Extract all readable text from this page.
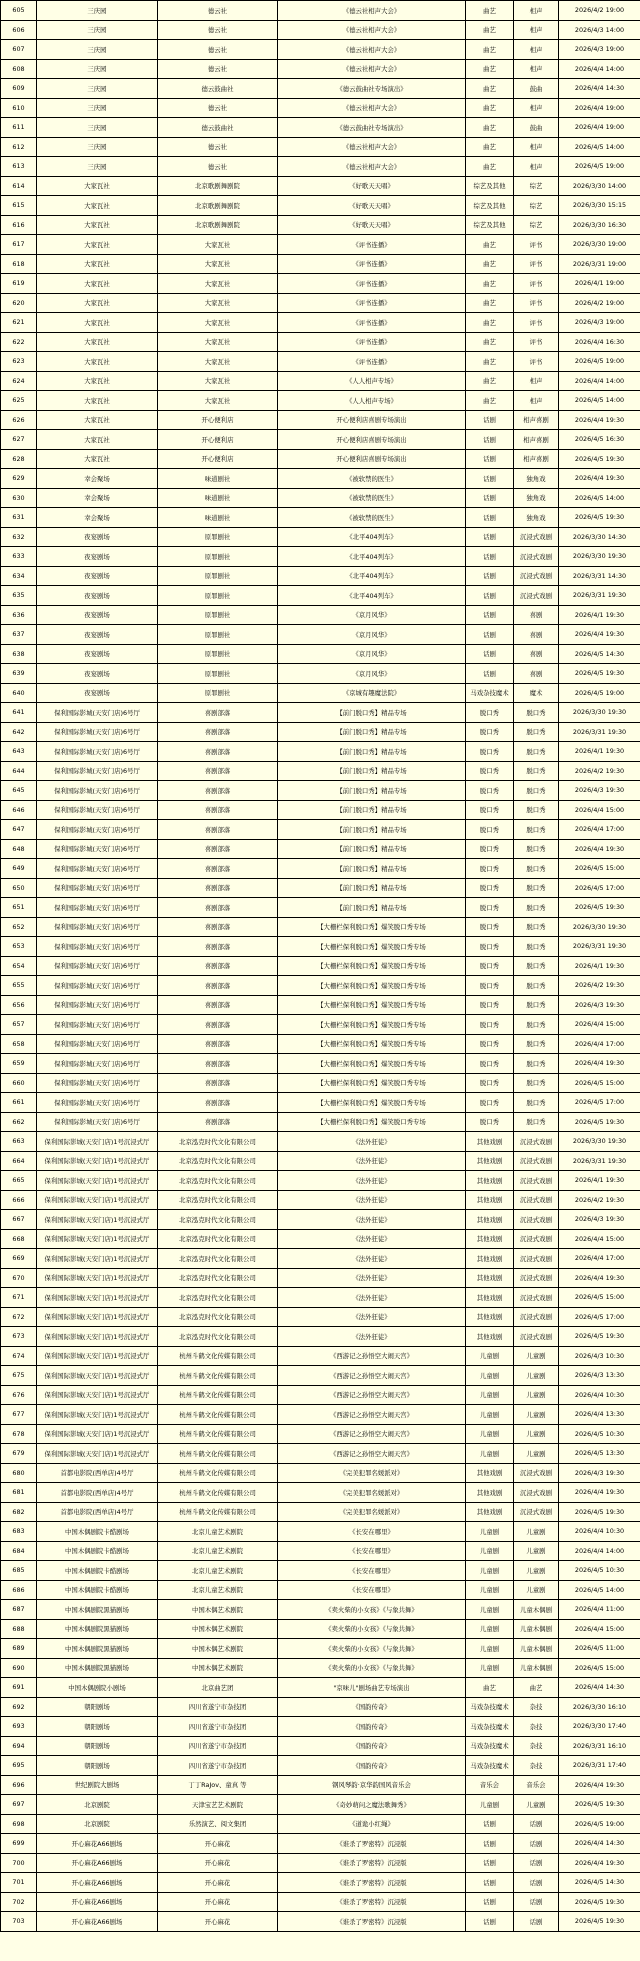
605	三庆园	德云社	《德云社相声大会》	曲艺	相声	2026/4/2 19:00
606	三庆园	德云社	《德云社相声大会》	曲艺	相声	2026/4/3 14:00
607	三庆园	德云社	《德云社相声大会》	曲艺	相声	2026/4/3 19:00
608	三庆园	德云社	《德云社相声大会》	曲艺	相声	2026/4/4 14:00
609	三庆园	德云鼓曲社	《德云鼓曲社专场演出》	曲艺	鼓曲	2026/4/4 14:30
610	三庆园	德云社	《德云社相声大会》	曲艺	相声	2026/4/4 19:00
611	三庆园	德云鼓曲社	《德云鼓曲社专场演出》	曲艺	鼓曲	2026/4/4 19:00
612	三庆园	德云社	《德云社相声大会》	曲艺	相声	2026/4/5 14:00
613	三庆园	德云社	《德云社相声大会》	曲艺	相声	2026/4/5 19:00
614	大家瓦社	北京歌剧舞剧院	《好歌天天唱》	综艺及其他	综艺	2026/3/30 14:00
615	大家瓦社	北京歌剧舞剧院	《好歌天天唱》	综艺及其他	综艺	2026/3/30 15:15
616	大家瓦社	北京歌剧舞剧院	《好歌天天唱》	综艺及其他	综艺	2026/3/30 16:30
617	大家瓦社	大家瓦社	《评书连播》	曲艺	评书	2026/3/30 19:00
618	大家瓦社	大家瓦社	《评书连播》	曲艺	评书	2026/3/31 19:00
619	大家瓦社	大家瓦社	《评书连播》	曲艺	评书	2026/4/1 19:00
620	大家瓦社	大家瓦社	《评书连播》	曲艺	评书	2026/4/2 19:00
621	大家瓦社	大家瓦社	《评书连播》	曲艺	评书	2026/4/3 19:00
622	大家瓦社	大家瓦社	《评书连播》	曲艺	评书	2026/4/4 16:30
623	大家瓦社	大家瓦社	《评书连播》	曲艺	评书	2026/4/5 19:00
624	大家瓦社	大家瓦社	《人人相声专场》	曲艺	相声	2026/4/4 14:00
625	大家瓦社	大家瓦社	《人人相声专场》	曲艺	相声	2026/4/5 14:00
626	大家瓦社	开心便利店	开心便利店喜剧专场演出	话剧	相声喜剧	2026/4/4 19:30
627	大家瓦社	开心便利店	开心便利店喜剧专场演出	话剧	相声喜剧	2026/4/5 16:30
628	大家瓦社	开心便利店	开心便利店喜剧专场演出	话剧	相声喜剧	2026/4/5 19:30
629	幸会聚场	味道剧社	《被软禁的医生》	话剧	独角戏	2026/4/4 19:30
630	幸会聚场	味道剧社	《被软禁的医生》	话剧	独角戏	2026/4/5 14:00
631	幸会聚场	味道剧社	《被软禁的医生》	话剧	独角戏	2026/4/5 19:30
632	夜宴剧场	原罪剧社	《北平404列车》	话剧	沉浸式戏剧	2026/3/30 14:30
633	夜宴剧场	原罪剧社	《北平404列车》	话剧	沉浸式戏剧	2026/3/30 19:30
634	夜宴剧场	原罪剧社	《北平404列车》	话剧	沉浸式戏剧	2026/3/31 14:30
635	夜宴剧场	原罪剧社	《北平404列车》	话剧	沉浸式戏剧	2026/3/31 19:30
636	夜宴剧场	原罪剧社	《京月风华》	话剧	喜剧	2026/4/1 19:30
637	夜宴剧场	原罪剧社	《京月风华》	话剧	喜剧	2026/4/4 19:30
638	夜宴剧场	原罪剧社	《京月风华》	话剧	喜剧	2026/4/5 14:30
639	夜宴剧场	原罪剧社	《京月风华》	话剧	喜剧	2026/4/5 19:30
640	夜宴剧场	原罪剧社	《京城有趣魔法院》	马戏杂技魔术	魔术	2026/4/5 19:00
641	保利国际影城(天安门店)6号厅	喜剧部落	【前门脱口秀】精品专场	脱口秀	脱口秀	2026/3/30 19:30
642	保利国际影城(天安门店)6号厅	喜剧部落	【前门脱口秀】精品专场	脱口秀	脱口秀	2026/3/31 19:30
643	保利国际影城(天安门店)6号厅	喜剧部落	【前门脱口秀】精品专场	脱口秀	脱口秀	2026/4/1 19:30
644	保利国际影城(天安门店)6号厅	喜剧部落	【前门脱口秀】精品专场	脱口秀	脱口秀	2026/4/2 19:30
645	保利国际影城(天安门店)6号厅	喜剧部落	【前门脱口秀】精品专场	脱口秀	脱口秀	2026/4/3 19:30
646	保利国际影城(天安门店)6号厅	喜剧部落	【前门脱口秀】精品专场	脱口秀	脱口秀	2026/4/4 15:00
647	保利国际影城(天安门店)6号厅	喜剧部落	【前门脱口秀】精品专场	脱口秀	脱口秀	2026/4/4 17:00
648	保利国际影城(天安门店)6号厅	喜剧部落	【前门脱口秀】精品专场	脱口秀	脱口秀	2026/4/4 19:30
649	保利国际影城(天安门店)6号厅	喜剧部落	【前门脱口秀】精品专场	脱口秀	脱口秀	2026/4/5 15:00
650	保利国际影城(天安门店)6号厅	喜剧部落	【前门脱口秀】精品专场	脱口秀	脱口秀	2026/4/5 17:00
651	保利国际影城(天安门店)6号厅	喜剧部落	【前门脱口秀】精品专场	脱口秀	脱口秀	2026/4/5 19:30
652	保利国际影城(天安门店)6号厅	喜剧部落	【大栅栏保利脱口秀】爆笑脱口秀专场	脱口秀	脱口秀	2026/3/30 19:30
653	保利国际影城(天安门店)6号厅	喜剧部落	【大栅栏保利脱口秀】爆笑脱口秀专场	脱口秀	脱口秀	2026/3/31 19:30
654	保利国际影城(天安门店)6号厅	喜剧部落	【大栅栏保利脱口秀】爆笑脱口秀专场	脱口秀	脱口秀	2026/4/1 19:30
655	保利国际影城(天安门店)6号厅	喜剧部落	【大栅栏保利脱口秀】爆笑脱口秀专场	脱口秀	脱口秀	2026/4/2 19:30
656	保利国际影城(天安门店)6号厅	喜剧部落	【大栅栏保利脱口秀】爆笑脱口秀专场	脱口秀	脱口秀	2026/4/3 19:30
657	保利国际影城(天安门店)6号厅	喜剧部落	【大栅栏保利脱口秀】爆笑脱口秀专场	脱口秀	脱口秀	2026/4/4 15:00
658	保利国际影城(天安门店)6号厅	喜剧部落	【大栅栏保利脱口秀】爆笑脱口秀专场	脱口秀	脱口秀	2026/4/4 17:00
659	保利国际影城(天安门店)6号厅	喜剧部落	【大栅栏保利脱口秀】爆笑脱口秀专场	脱口秀	脱口秀	2026/4/4 19:30
660	保利国际影城(天安门店)6号厅	喜剧部落	【大栅栏保利脱口秀】爆笑脱口秀专场	脱口秀	脱口秀	2026/4/5 15:00
661	保利国际影城(天安门店)6号厅	喜剧部落	【大栅栏保利脱口秀】爆笑脱口秀专场	脱口秀	脱口秀	2026/4/5 17:00
662	保利国际影城(天安门店)6号厅	喜剧部落	【大栅栏保利脱口秀】爆笑脱口秀专场	脱口秀	脱口秀	2026/4/5 19:30
663	保利国际影城(天安门店)1号沉浸式厅	北京泓克时代文化有限公司	《法外狂徒》	其他戏剧	沉浸式戏剧	2026/3/30 19:30
664	保利国际影城(天安门店)1号沉浸式厅	北京泓克时代文化有限公司	《法外狂徒》	其他戏剧	沉浸式戏剧	2026/3/31 19:30
665	保利国际影城(天安门店)1号沉浸式厅	北京泓克时代文化有限公司	《法外狂徒》	其他戏剧	沉浸式戏剧	2026/4/1 19:30
666	保利国际影城(天安门店)1号沉浸式厅	北京泓克时代文化有限公司	《法外狂徒》	其他戏剧	沉浸式戏剧	2026/4/2 19:30
667	保利国际影城(天安门店)1号沉浸式厅	北京泓克时代文化有限公司	《法外狂徒》	其他戏剧	沉浸式戏剧	2026/4/3 19:30
668	保利国际影城(天安门店)1号沉浸式厅	北京泓克时代文化有限公司	《法外狂徒》	其他戏剧	沉浸式戏剧	2026/4/4 15:00
669	保利国际影城(天安门店)1号沉浸式厅	北京泓克时代文化有限公司	《法外狂徒》	其他戏剧	沉浸式戏剧	2026/4/4 17:00
670	保利国际影城(天安门店)1号沉浸式厅	北京泓克时代文化有限公司	《法外狂徒》	其他戏剧	沉浸式戏剧	2026/4/4 19:30
671	保利国际影城(天安门店)1号沉浸式厅	北京泓克时代文化有限公司	《法外狂徒》	其他戏剧	沉浸式戏剧	2026/4/5 15:00
672	保利国际影城(天安门店)1号沉浸式厅	北京泓克时代文化有限公司	《法外狂徒》	其他戏剧	沉浸式戏剧	2026/4/5 17:00
673	保利国际影城(天安门店)1号沉浸式厅	北京泓克时代文化有限公司	《法外狂徒》	其他戏剧	沉浸式戏剧	2026/4/5 19:30
674	保利国际影城(天安门店)1号沉浸式厅	杭州斗鹤文化传媒有限公司	《西游记之孙悟空大闹天宫》	儿童剧	儿童剧	2026/4/3 10:30
675	保利国际影城(天安门店)1号沉浸式厅	杭州斗鹤文化传媒有限公司	《西游记之孙悟空大闹天宫》	儿童剧	儿童剧	2026/4/3 13:30
676	保利国际影城(天安门店)1号沉浸式厅	杭州斗鹤文化传媒有限公司	《西游记之孙悟空大闹天宫》	儿童剧	儿童剧	2026/4/4 10:30
677	保利国际影城(天安门店)1号沉浸式厅	杭州斗鹤文化传媒有限公司	《西游记之孙悟空大闹天宫》	儿童剧	儿童剧	2026/4/4 13:30
678	保利国际影城(天安门店)1号沉浸式厅	杭州斗鹤文化传媒有限公司	《西游记之孙悟空大闹天宫》	儿童剧	儿童剧	2026/4/5 10:30
679	保利国际影城(天安门店)1号沉浸式厅	杭州斗鹤文化传媒有限公司	《西游记之孙悟空大闹天宫》	儿童剧	儿童剧	2026/4/5 13:30
680	首都电影院(西单店)4号厅	杭州斗鹤文化传媒有限公司	《完美犯罪名媛派对》	其他戏剧	沉浸式戏剧	2026/4/3 19:30
681	首都电影院(西单店)4号厅	杭州斗鹤文化传媒有限公司	《完美犯罪名媛派对》	其他戏剧	沉浸式戏剧	2026/4/4 19:30
682	首都电影院(西单店)4号厅	杭州斗鹤文化传媒有限公司	《完美犯罪名媛派对》	其他戏剧	沉浸式戏剧	2026/4/5 19:30
683	中国木偶剧院卡酷剧场	北京儿童艺术剧院	《长安在哪里》	儿童剧	儿童剧	2026/4/4 10:30
684	中国木偶剧院卡酷剧场	北京儿童艺术剧院	《长安在哪里》	儿童剧	儿童剧	2026/4/4 14:00
685	中国木偶剧院卡酷剧场	北京儿童艺术剧院	《长安在哪里》	儿童剧	儿童剧	2026/4/5 10:30
686	中国木偶剧院卡酷剧场	北京儿童艺术剧院	《长安在哪里》	儿童剧	儿童剧	2026/4/5 14:00
687	中国木偶剧院黑猫剧场	中国木偶艺术剧院	《卖火柴的小女孩》《与象共舞》	儿童剧	儿童木偶剧	2026/4/4 11:00
688	中国木偶剧院黑猫剧场	中国木偶艺术剧院	《卖火柴的小女孩》《与象共舞》	儿童剧	儿童木偶剧	2026/4/4 15:00
689	中国木偶剧院黑猫剧场	中国木偶艺术剧院	《卖火柴的小女孩》《与象共舞》	儿童剧	儿童木偶剧	2026/4/5 11:00
690	中国木偶剧院黑猫剧场	中国木偶艺术剧院	《卖火柴的小女孩》《与象共舞》	儿童剧	儿童木偶剧	2026/4/5 15:00
691	中国木偶剧院小剧场	北京曲艺团	"京味儿"剧场曲艺专场演出	曲艺	曲艺	2026/4/4 14:30
692	朝阳剧场	四川省遂宁市杂技团	《国韵传奇》	马戏杂技魔术	杂技	2026/3/30 16:10
693	朝阳剧场	四川省遂宁市杂技团	《国韵传奇》	马戏杂技魔术	杂技	2026/3/30 17:40
694	朝阳剧场	四川省遂宁市杂技团	《国韵传奇》	马戏杂技魔术	杂技	2026/3/31 16:10
695	朝阳剧场	四川省遂宁市杂技团	《国韵传奇》	马戏杂技魔术	杂技	2026/3/31 17:40
696	世纪剧院大剧场	丁丁RaJov、童真 等	钢风琴韵·京华韵国风音乐会	音乐会	音乐会	2026/4/4 19:30
697	北京剧院	天津宝艺艺术剧院	《奇妙萌问之魔法歌舞秀》	儿童剧	儿童剧	2026/4/5 19:30
698	北京剧院	乐然演艺、阅文集团	《道诡小红绳》	话剧	话剧	2026/4/5 19:00
699	开心麻花A66剧场	开心麻花	《谁杀了罗密特》沉浸版	话剧	话剧	2026/4/4 14:30
700	开心麻花A66剧场	开心麻花	《谁杀了罗密特》沉浸版	话剧	话剧	2026/4/4 19:30
701	开心麻花A66剧场	开心麻花	《谁杀了罗密特》沉浸版	话剧	话剧	2026/4/5 14:30
702	开心麻花A66剧场	开心麻花	《谁杀了罗密特》沉浸版	话剧	话剧	2026/4/5 19:30
703	开心麻花A66剧场	开心麻花	《谁杀了罗密特》沉浸版	话剧	话剧	2026/4/5 19:30
